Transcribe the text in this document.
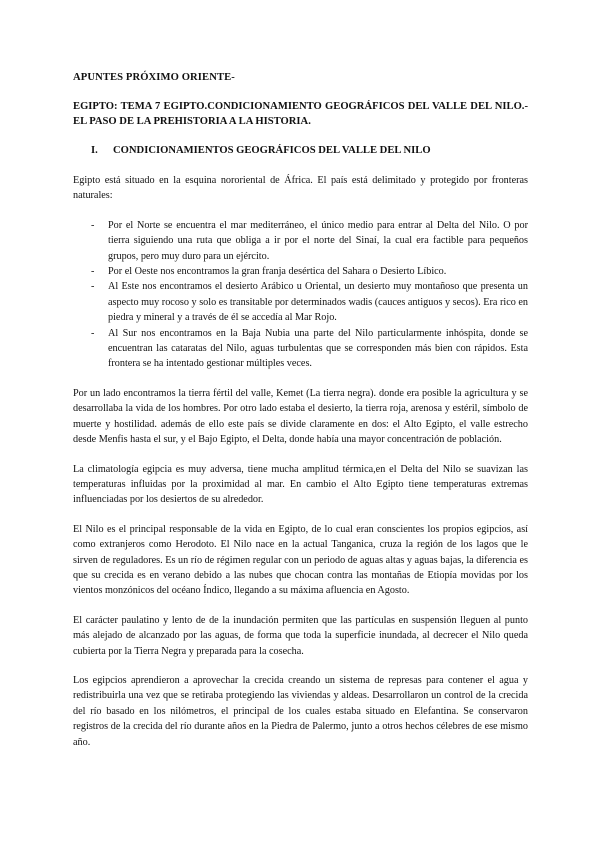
APUNTES PRÓXIMO ORIENTE-
EGIPTO: TEMA 7 EGIPTO.CONDICIONAMIENTO GEOGRÁFICOS DEL VALLE DEL NILO.- EL PASO DE LA PREHISTORIA A LA HISTORIA.
I.	CONDICIONAMIENTOS GEOGRÁFICOS DEL VALLE DEL NILO

Egipto está situado en la esquina nororiental de África. El país está delimitado y protegido por fronteras naturales:

-	Por el Norte se encuentra el mar mediterráneo, el único medio para entrar al Delta del Nilo. O por tierra siguiendo una ruta que obliga a ir por el norte del Sinaí, la cual era factible para pequeños grupos, pero muy duro para un ejército.
-	Por el Oeste nos encontramos la gran franja desértica del Sahara o Desierto Líbico.
-	Al Este nos encontramos el desierto Arábico u Oriental, un desierto muy montañoso que presenta un aspecto muy rocoso y solo es transitable por determinados wadis (cauces antiguos y secos). Era rico en piedra y mineral y a través de él se accedía al Mar Rojo.
-	Al Sur nos encontramos en la Baja Nubia una parte del Nilo particularmente inhóspita, donde se encuentran las cataratas del Nilo, aguas turbulentas que se corresponden más bien con rápidos. Esta frontera se ha intentado gestionar múltiples veces.

Por un lado encontramos la tierra fértil del valle, Kemet (La tierra negra). donde era posible la agricultura y se desarrollaba la vida de los hombres. Por otro lado estaba el desierto, la tierra roja, arenosa y estéril, símbolo de muerte y hostilidad. además de ello este país se divide claramente en dos: el Alto Egipto, el valle estrecho desde Menfis hasta el sur, y el Bajo Egipto, el Delta, donde había una mayor concentración de población.

La climatología egipcia es muy adversa, tiene mucha amplitud térmica,en el Delta del Nilo se suavizan las temperaturas influidas por la proximidad al mar. En cambio el Alto Egipto tiene temperaturas extremas influenciadas por los desiertos de su alrededor.

El Nilo es el principal responsable de la vida en Egipto, de lo cual eran conscientes los propios egipcios, así como extranjeros como Herodoto. El Nilo nace en la actual Tanganica, cruza la región de los lagos que le sirven de reguladores. Es un río de régimen regular con un periodo de aguas altas y aguas bajas, la diferencia es que su crecida es en verano debido a las nubes que chocan contra las montañas de Etiopía movidas por los vientos monzónicos del océano Índico, llegando a su máxima afluencia en Agosto.

El carácter paulatino y lento de de la inundación permiten que las partículas en suspensión lleguen al punto más alejado de alcanzado por las aguas, de forma que toda la superficie inundada, al decrecer el Nilo queda cubierta por la Tierra Negra y preparada para la cosecha.

Los egipcios aprendieron a aprovechar la crecida creando un sistema de represas para contener el agua y redistribuirla una vez que se retiraba protegiendo las viviendas y aldeas. Desarrollaron un control de la crecida del río basado en los nilómetros, el principal de los cuales estaba situado en Elefantina. Se conservaron registros de la crecida del río durante años en la Piedra de Palermo, junto a otros hechos célebres de ese mismo año.
